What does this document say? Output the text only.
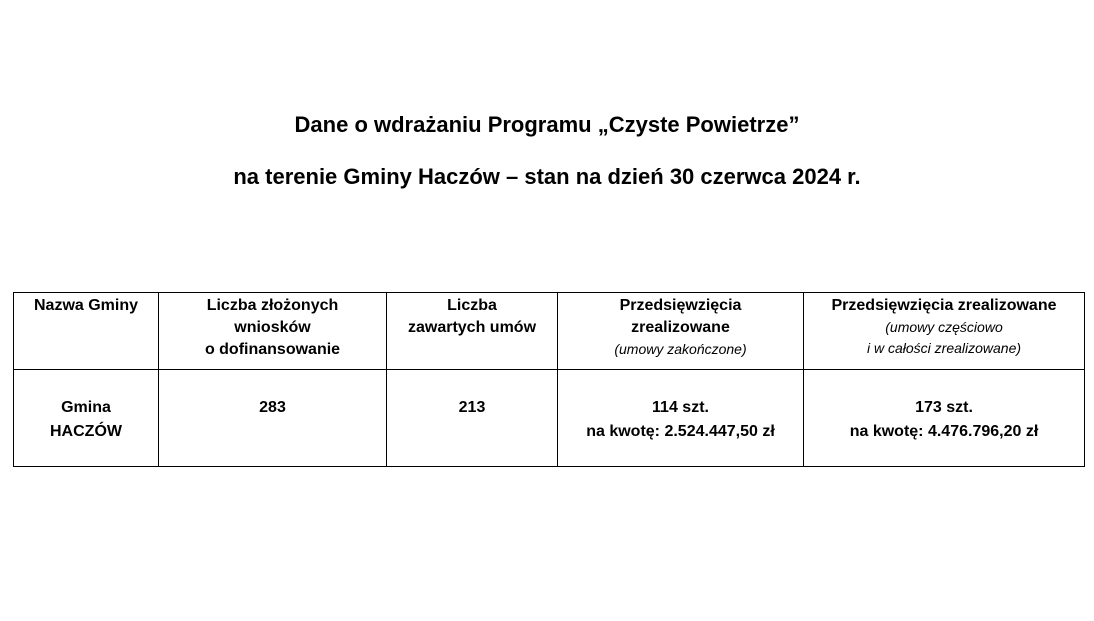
Dane o wdrażaniu Programu „Czyste Powietrze”
na terenie Gminy Haczów – stan na dzień 30 czerwca 2024 r.
Nazwa Gminy	Liczba złożonych
wniosków
o dofinansowanie	Liczba
zawartych umów	Przedsięwzięcia
zrealizowane
(umowy zakończone)	Przedsięwzięcia zrealizowane
(umowy częściowo
i w całości zrealizowane)

Gmina
HACZÓW	283	213	114 szt.
na kwotę: 2.524.447,50 zł	173 szt.
na kwotę: 4.476.796,20 zł
